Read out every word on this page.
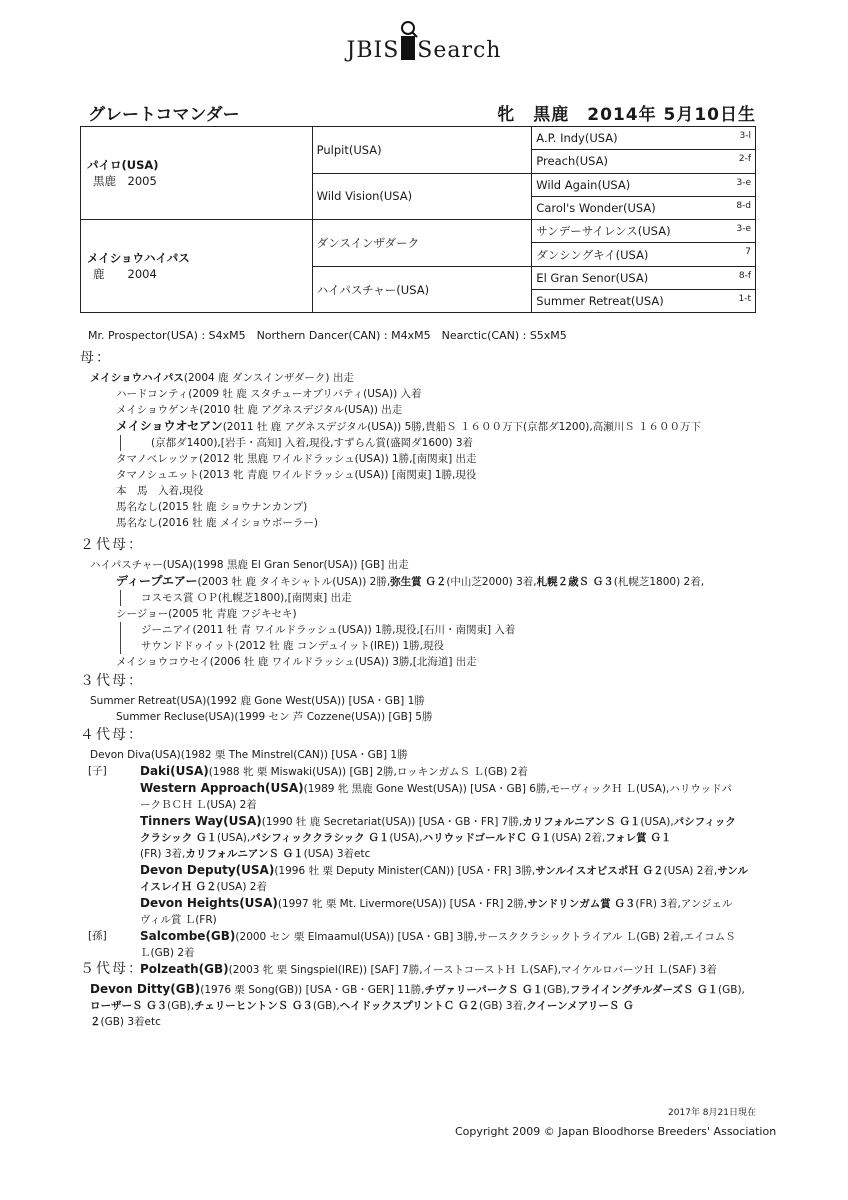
JBIS Search
グレートコマンダー	牝　黒鹿　2014年 5月10日生
パイロ(USA)
黒鹿　2005	Pulpit(USA)	A.P. Indy(USA) 3-l

		Preach(USA) 2-f

	Wild Vision(USA)	Wild Again(USA) 3-e

		Carol's Wonder(USA) 8-d

メイショウハイパス
鹿　　2004	ダンスインザダーク	サンデーサイレンス(USA) 3-e

		ダンシングキイ(USA) 7

	ハイパスチャー(USA)	El Gran Senor(USA) 8-f

		Summer Retreat(USA) 1-t
Mr. Prospector(USA) : S4xM5　Northern Dancer(CAN) : M4xM5　Nearctic(CAN) : S5xM5
母：
メイショウハイパス(2004 鹿 ダンスインザダーク) 出走
ハードコンティ(2009 牡 鹿 スタチューオブリバティ(USA)) 入着
メイショウゲンキ(2010 牡 鹿 アグネスデジタル(USA)) 出走
メイショウオセアン(2011 牡 鹿 アグネスデジタル(USA)) 5勝,貴船Ｓ １６００万下(京都ダ1200),高瀬川Ｓ １６００万下
(京都ダ1400),[岩手・高知] 入着,現役,すずらん賞(盛岡ダ1600) 3着
タマノベレッツァ(2012 牝 黒鹿 ワイルドラッシュ(USA)) 1勝,[南関東] 出走
タマノシュエット(2013 牝 青鹿 ワイルドラッシュ(USA)) [南関東] 1勝,現役
本　馬　入着,現役
馬名なし(2015 牡 鹿 ショウナンカンプ)
馬名なし(2016 牡 鹿 メイショウボーラー)
２代母：
ハイパスチャー(USA)(1998 黒鹿 El Gran Senor(USA)) [GB] 出走
ディープエアー(2003 牡 鹿 タイキシャトル(USA)) 2勝,弥生賞 Ｇ２(中山芝2000) 3着,札幌２歳Ｓ Ｇ３(札幌芝1800) 2着,
コスモス賞 ＯＰ(札幌芝1800),[南関東] 出走
シージョー(2005 牝 青鹿 フジキセキ)
ジーニアイ(2011 牡 青 ワイルドラッシュ(USA)) 1勝,現役,[石川・南関東] 入着
サウンドドゥイット(2012 牡 鹿 コンデュイット(IRE)) 1勝,現役
メイショウコウセイ(2006 牡 鹿 ワイルドラッシュ(USA)) 3勝,[北海道] 出走
３代母：
Summer Retreat(USA)(1992 鹿 Gone West(USA)) [USA・GB] 1勝
Summer Recluse(USA)(1999 セン 芦 Cozzene(USA)) [GB] 5勝
４代母：
Devon Diva(USA)(1982 栗 The Minstrel(CAN)) [USA・GB] 1勝
[子]	Daki(USA)(1988 牝 栗 Miswaki(USA)) [GB] 2勝,ロッキンガムＳ Ｌ(GB) 2着
Western Approach(USA)(1989 牝 黒鹿 Gone West(USA)) [USA・GB] 6勝,モーヴィックＨ Ｌ(USA),ハリウッドパ
ークＢＣＨ Ｌ(USA) 2着
Tinners Way(USA)(1990 牡 鹿 Secretariat(USA)) [USA・GB・FR] 7勝,カリフォルニアンＳ Ｇ１(USA),パシフィック
クラシック Ｇ１(USA),パシフィッククラシック Ｇ１(USA),ハリウッドゴールドＣ Ｇ１(USA) 2着,フォレ賞 Ｇ１
(FR) 3着,カリフォルニアンＳ Ｇ１(USA) 3着etc
Devon Deputy(USA)(1996 牡 栗 Deputy Minister(CAN)) [USA・FR] 3勝,サンルイスオビスポＨ Ｇ２(USA) 2着,サンル
イスレイＨ Ｇ２(USA) 2着
Devon Heights(USA)(1997 牝 栗 Mt. Livermore(USA)) [USA・FR] 2勝,サンドリンガム賞 Ｇ３(FR) 3着,アンジェル
ヴィル賞 Ｌ(FR)
[孫]	Salcombe(GB)(2000 セン 栗 Elmaamul(USA)) [USA・GB] 3勝,サースククラシックトライアル Ｌ(GB) 2着,エイコムＳ
Ｌ(GB) 2着
Polzeath(GB)(2003 牝 栗 Singspiel(IRE)) [SAF] 7勝,イーストコーストＨ Ｌ(SAF),マイケルロバーツＨ Ｌ(SAF) 3着
５代母：
Devon Ditty(GB)(1976 栗 Song(GB)) [USA・GB・GER] 11勝,チヴァリーパークＳ Ｇ１(GB),フライイングチルダーズＳ Ｇ１(GB),
ローザーＳ Ｇ３(GB),チェリーヒントンＳ Ｇ３(GB),ヘイドックスプリントＣ Ｇ２(GB) 3着,クイーンメアリーＳ Ｇ
２(GB) 3着etc
2017年 8月21日現在
Copyright 2009 © Japan Bloodhorse Breeders' Association
